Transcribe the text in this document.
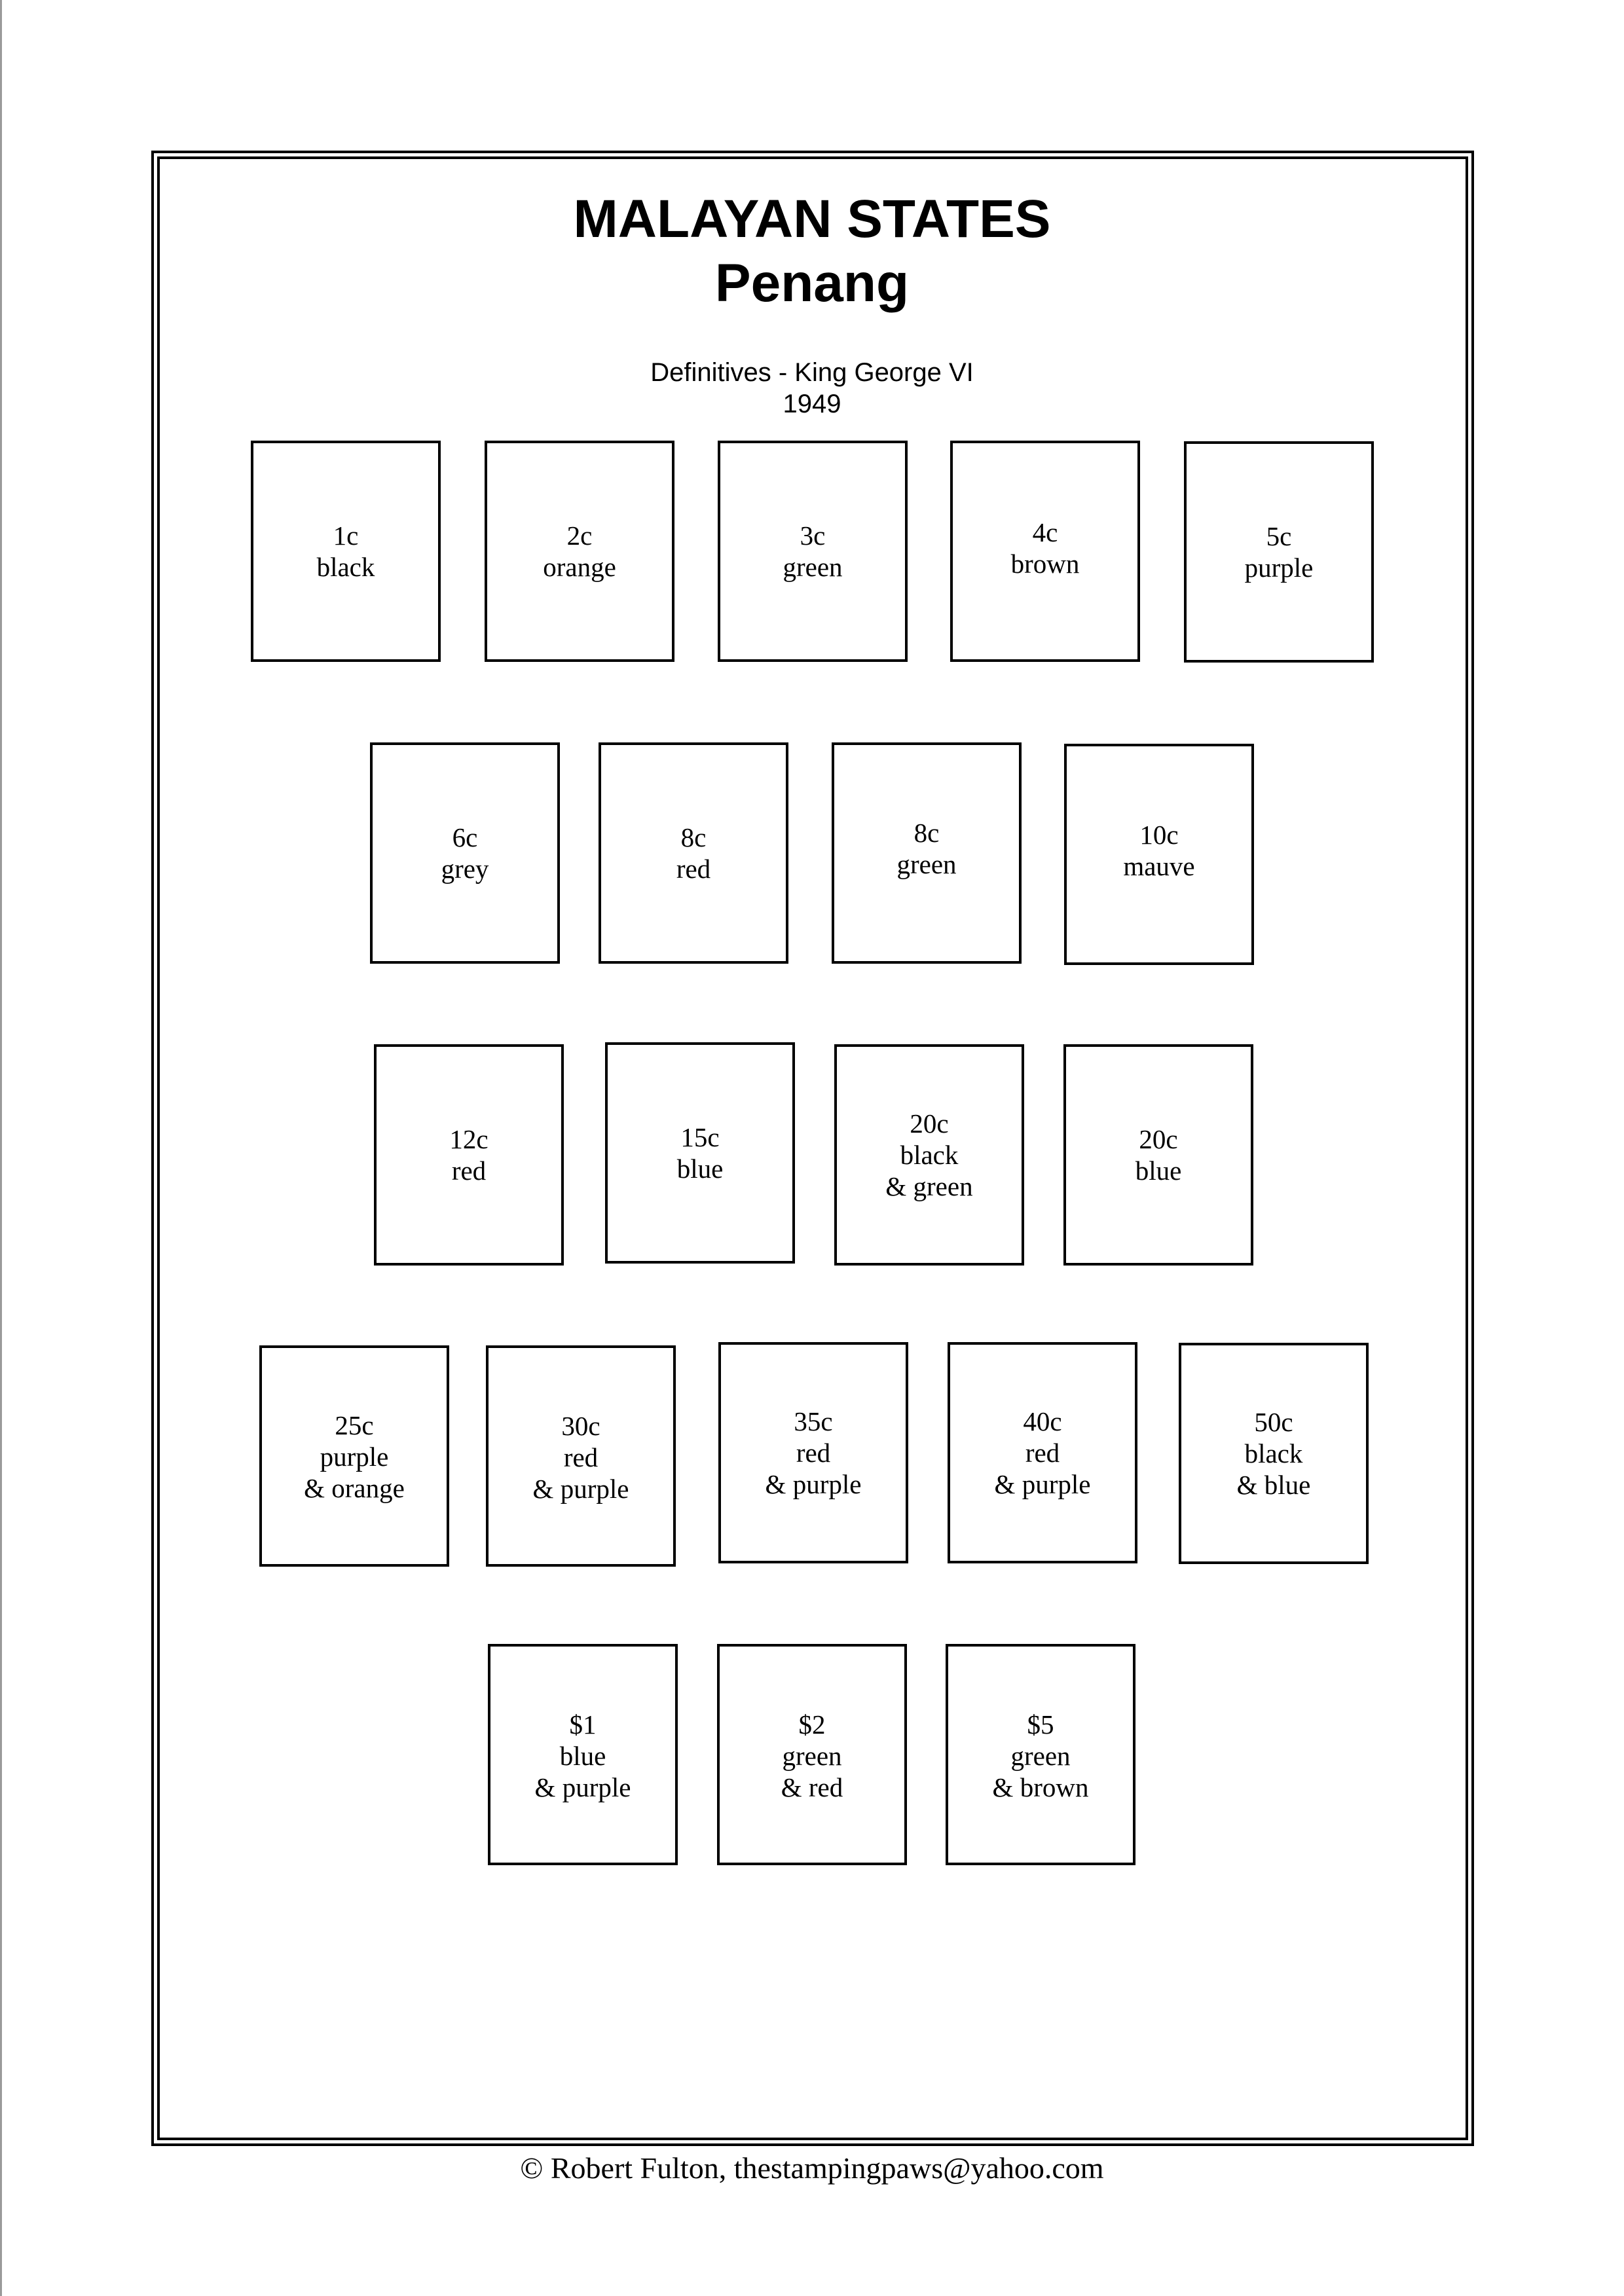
MALAYAN STATES
Penang
Definitives - King George VI
1949
1c
black
2c
orange
3c
green
4c
brown
5c
purple
6c
grey
8c
red
8c
green
10c
mauve
12c
red
15c
blue
20c
black
& green
20c
blue
25c
purple
& orange
30c
red
& purple
35c
red
& purple
40c
red
& purple
50c
black
& blue
$1
blue
& purple
$2
green
& red
$5
green
& brown
© Robert Fulton, thestampingpaws@yahoo.com
